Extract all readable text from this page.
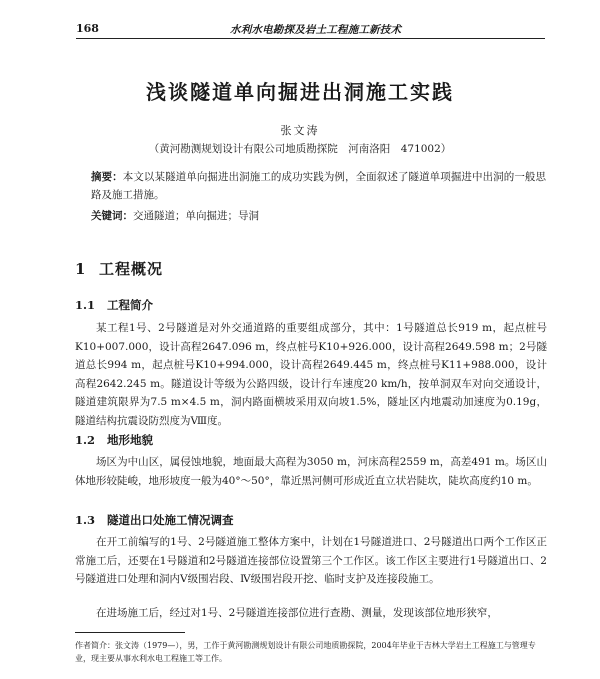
168	水利水电勘探及岩土工程施工新技术
浅谈隧道单向掘进出洞施工实践
张文涛
（黄河勘测规划设计有限公司地质勘探院　河南洛阳　471002）
摘要：本文以某隧道单向掘进出洞施工的成功实践为例，全面叙述了隧道单项掘进中出洞的一般思路及施工措施。
关键词：交通隧道；单向掘进；导洞
1 工程概况
1.1 工程简介

某工程1号、2号隧道是对外交通道路的重要组成部分，其中：1号隧道总长919 m，起点桩号K10+007.000，设计高程2647.096 m，终点桩号K10+926.000，设计高程2649.598 m；2号隧道总长994 m，起点桩号K10+994.000，设计高程2649.445 m，终点桩号K11+988.000，设计高程2642.245 m。隧道设计等级为公路四级，设计行车速度20 km/h，按单洞双车对向交通设计，隧道建筑限界为7.5 m×4.5 m，洞内路面横坡采用双向坡1.5%，隧址区内地震动加速度为0.19g，隧道结构抗震设防烈度为Ⅷ度。

1.2 地形地貌

场区为中山区，属侵蚀地貌，地面最大高程为3050 m，河床高程2559 m，高差491 m。场区山体地形较陡峻，地形坡度一般为40°～50°，靠近黑河侧可形成近直立状岩陡坎，陡坎高度约10 m。

1.3 隧道出口处施工情况调查

在开工前编写的1号、2号隧道施工整体方案中，计划在1号隧道进口、2号隧道出口两个工作区正常施工后，还要在1号隧道和2号隧道连接部位设置第三个工作区。该工作区主要进行1号隧道出口、2号隧道进口处理和洞内Ⅴ级围岩段、Ⅳ级围岩段开挖、临时支护及连接段施工。

在进场施工后，经过对1号、2号隧道连接部位进行查勘、测量，发现该部位地形狭窄，

作者简介：张文涛（1979—），男，工作于黄河勘测规划设计有限公司地质勘探院，2004年毕业于吉林大学岩土工程施工与管理专业，现主要从事水利水电工程施工等工作。
